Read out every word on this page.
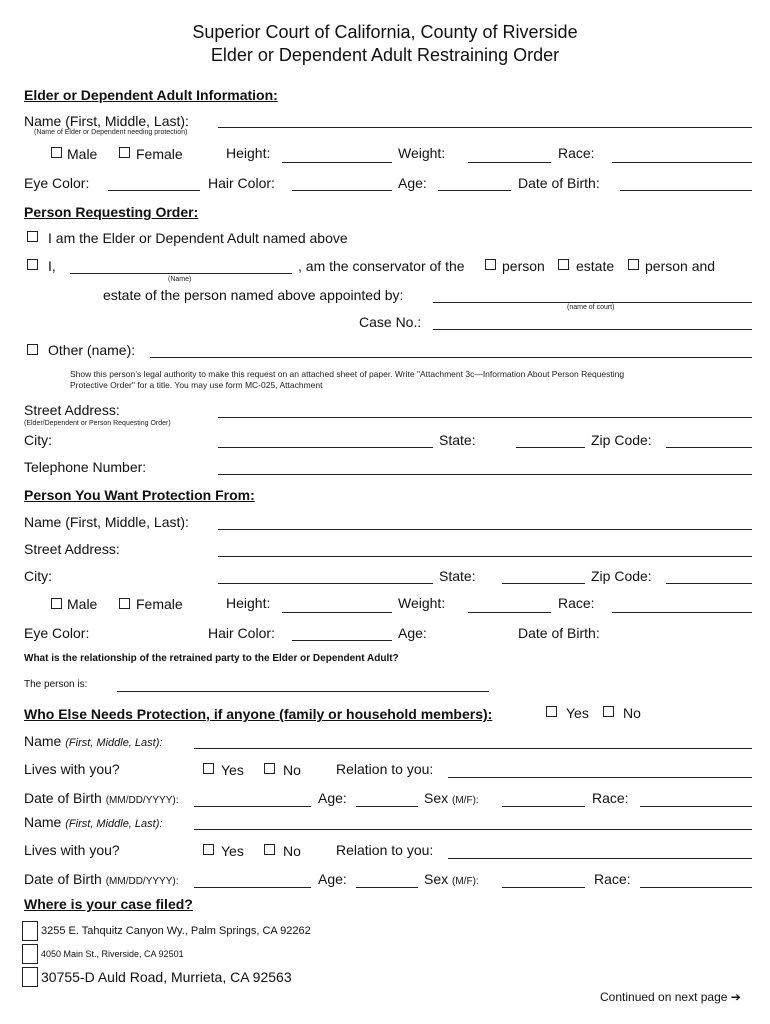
Superior Court of California, County of Riverside
Elder or Dependent Adult Restraining Order
Elder or Dependent Adult Information:
Name (First, Middle, Last):
(Name of Elder or Dependent needing protection)
Male	Female	Height:	Weight:	Race:
Eye Color:	Hair Color:	Age:	Date of Birth:
Person Requesting Order:
I am the Elder or Dependent Adult named above
I,
(Name)
, am the conservator of the	person estate person and
estate of the person named above appointed by:
(name of court)
Case No.:
Other (name):
Show this person’s legal authority to make this request on an attached sheet of paper. Write "Attachment 3c—Information About Person Requesting
Protective Order" for a title. You may use form MC-025, Attachment
Street Address:
(Elder/Dependent or Person Requesting Order)
City:	State:	Zip Code:
Telephone Number:
Person You Want Protection From:
Name (First, Middle, Last):
Street Address:
City:	State:	Zip Code:
Male	Female	Height:	Weight:	Race:
Eye Color:	Hair Color:	Age:	Date of Birth:
What is the relationship of the retrained party to the Elder or Dependent Adult?
The person is:
Who Else Needs Protection, if anyone (family or household members):	Yes No
Name (First, Middle, Last):
Lives with you?	Yes	No	Relation to you:
Date of Birth (MM/DD/YYYY):	Age:	Sex (M/F):	Race:
Name (First, Middle, Last):
Lives with you?	Yes	No	Relation to you:
Date of Birth (MM/DD/YYYY):	Age:	Sex (M/F):	Race:
Where is your case filed?
3255 E. Tahquitz Canyon Wy., Palm Springs, CA 92262
4050 Main St., Riverside, CA 92501
30755-D Auld Road, Murrieta, CA 92563
Continued on next page ➔
